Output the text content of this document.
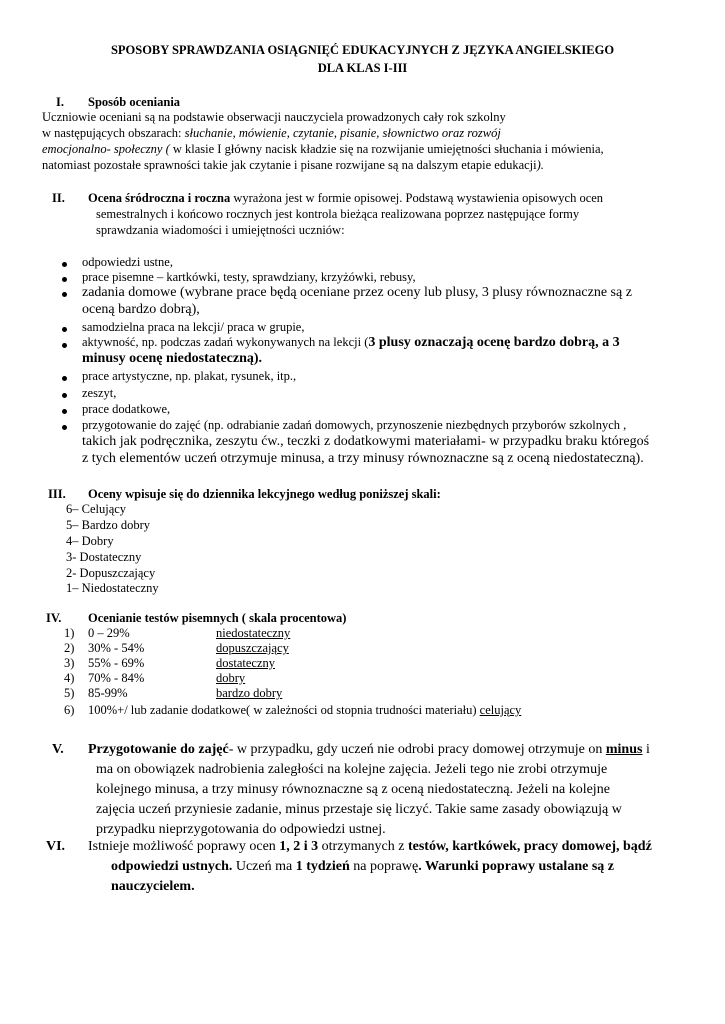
SPOSOBY SPRAWDZANIA OSIĄGNIĘĆ EDUKACYJNYCH Z JĘZYKA ANGIELSKIEGO
DLA KLAS I-III
I. Sposób oceniania
Uczniowie oceniani są na podstawie obserwacji nauczyciela prowadzonych cały rok szkolny
w następujących obszarach: słuchanie, mówienie, czytanie, pisanie, słownictwo oraz rozwój
emocjonalno- społeczny ( w klasie I główny nacisk kładzie się na rozwijanie umiejętności słuchania i mówienia,
natomiast pozostałe sprawności takie jak czytanie i pisane rozwijane są na dalszym etapie edukacji).
II. Ocena śródroczna i roczna wyrażona jest w formie opisowej. Podstawą wystawienia opisowych ocen
semestralnych i końcowo rocznych jest kontrola bieżąca realizowana poprzez następujące formy
sprawdzania wiadomości i umiejętności uczniów:
odpowiedzi ustne,
prace pisemne – kartkówki, testy, sprawdziany, krzyżówki, rebusy,
zadania domowe (wybrane prace będą oceniane przez oceny lub plusy, 3 plusy równoznaczne są z
oceną bardzo dobrą),
samodzielna praca na lekcji/ praca w grupie,
aktywność, np. podczas zadań wykonywanych na lekcji (3 plusy oznaczają ocenę bardzo dobrą, a 3
minusy ocenę niedostateczną).
prace artystyczne, np. plakat, rysunek, itp.,
zeszyt,
prace dodatkowe,
przygotowanie do zajęć (np. odrabianie zadań domowych, przynoszenie niezbędnych przyborów szkolnych ,
takich jak podręcznika, zeszytu ćw., teczki z dodatkowymi materiałami- w przypadku braku któregoś
z tych elementów uczeń otrzymuje minusa, a trzy minusy równoznaczne są z oceną niedostateczną).
III. Oceny wpisuje się do dziennika lekcyjnego według poniższej skali:
6– Celujący
5– Bardzo dobry
4– Dobry
3- Dostateczny
2- Dopuszczający
1– Niedostateczny
IV. Ocenianie testów pisemnych ( skala procentowa)
1) 0 – 29%	niedostateczny
2) 30% - 54%	dopuszczający
3) 55% - 69%	dostateczny
4) 70% - 84%	dobry
5) 85-99%	bardzo dobry
6) 100%+/ lub zadanie dodatkowe( w zależności od stopnia trudności materiału) celujący
V. Przygotowanie do zajęć- w przypadku, gdy uczeń nie odrobi pracy domowej otrzymuje on minus i
ma on obowiązek nadrobienia zaległości na kolejne zajęcia. Jeżeli tego nie zrobi otrzymuje
kolejnego minusa, a trzy minusy równoznaczne są z oceną niedostateczną. Jeżeli na kolejne
zajęcia uczeń przyniesie zadanie, minus przestaje się liczyć. Takie same zasady obowiązują w
przypadku nieprzygotowania do odpowiedzi ustnej.
VI. Istnieje możliwość poprawy ocen 1, 2 i 3 otrzymanych z testów, kartkówek, pracy domowej, bądź
odpowiedzi ustnych. Uczeń ma 1 tydzień na poprawę. Warunki poprawy ustalane są z
nauczycielem.
